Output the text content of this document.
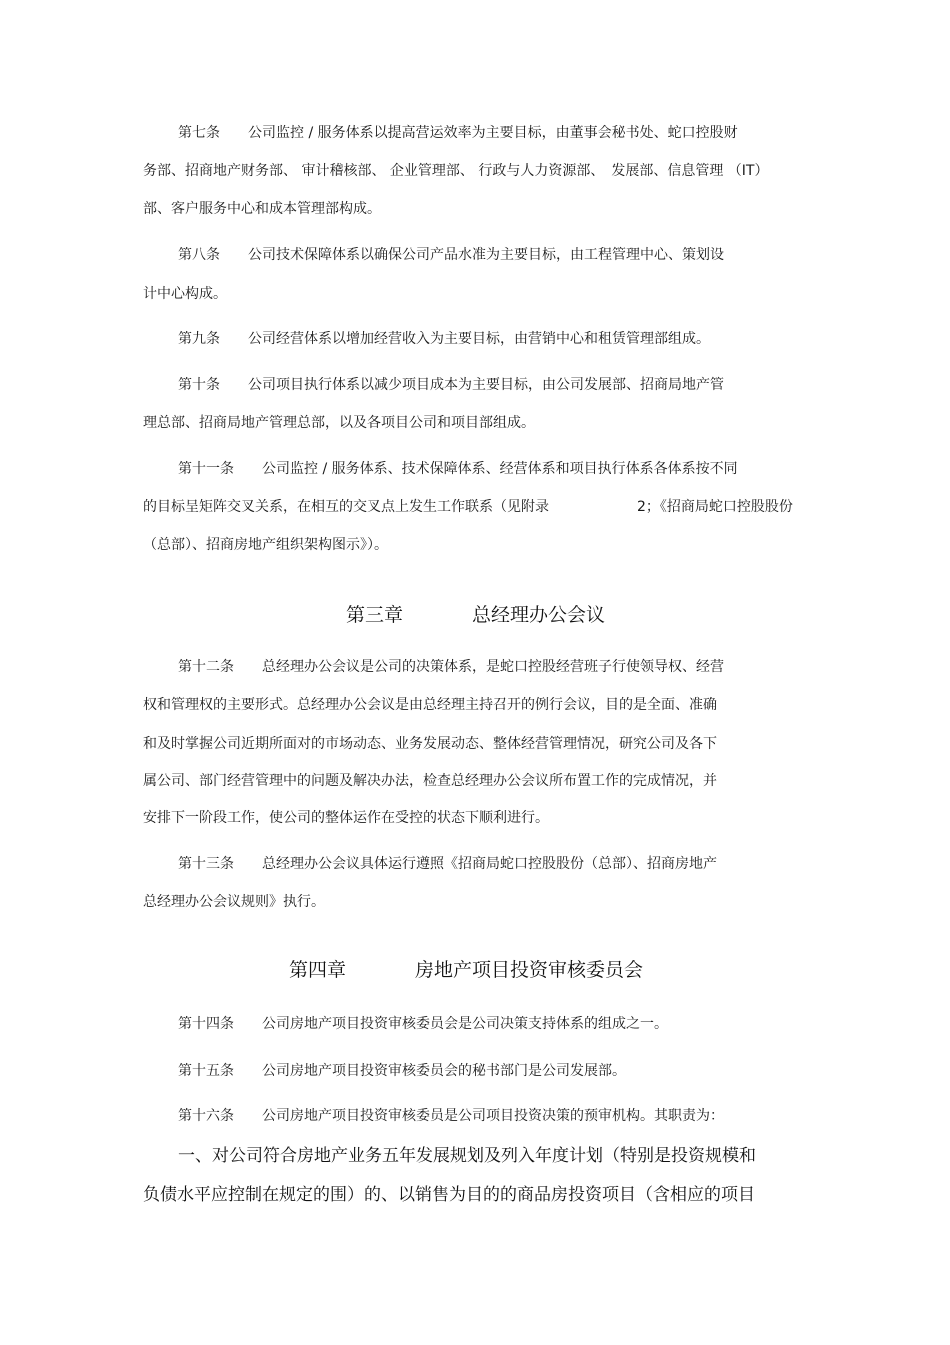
第七条　　公司监控 / 服务体系以提高营运效率为主要目标，由董事会秘书处、蛇口控股财
务部、招商地产财务部、 审计稽核部、 企业管理部、 行政与人力资源部、　发展部、信息管理 （IT）
部、客户服务中心和成本管理部构成。
第八条　　公司技术保障体系以确保公司产品水准为主要目标，由工程管理中心、策划设
计中心构成。
第九条　　公司经营体系以增加经营收入为主要目标，由营销中心和租赁管理部组成。
第十条　　公司项目执行体系以减少项目成本为主要目标，由公司发展部、招商局地产管
理总部、招商局地产管理总部，以及各项目公司和项目部组成。
第十一条　　公司监控 / 服务体系、技术保障体系、经营体系和项目执行体系各体系按不同
的目标呈矩阵交叉关系，在相互的交叉点上发生工作联系（见附录	2；《招商局蛇口控股股份
（总部）、招商房地产组织架构图示》）。
第三章	总经理办公会议
第十二条　　总经理办公会议是公司的决策体系，是蛇口控股经营班子行使领导权、经营
权和管理权的主要形式。总经理办公会议是由总经理主持召开的例行会议，目的是全面、准确
和及时掌握公司近期所面对的市场动态、业务发展动态、整体经营管理情况，研究公司及各下
属公司、部门经营管理中的问题及解决办法，检查总经理办公会议所布置工作的完成情况，并
安排下一阶段工作，使公司的整体运作在受控的状态下顺利进行。
第十三条　　总经理办公会议具体运行遵照《招商局蛇口控股股份（总部）、招商房地产
总经理办公会议规则》执行。
第四章	房地产项目投资审核委员会
第十四条　　公司房地产项目投资审核委员会是公司决策支持体系的组成之一。
第十五条　　公司房地产项目投资审核委员会的秘书部门是公司发展部。
第十六条　　公司房地产项目投资审核委员是公司项目投资决策的预审机构。其职责为：
一、对公司符合房地产业务五年发展规划及列入年度计划（特别是投资规模和
负债水平应控制在规定的围）的、以销售为目的的商品房投资项目（含相应的项目
